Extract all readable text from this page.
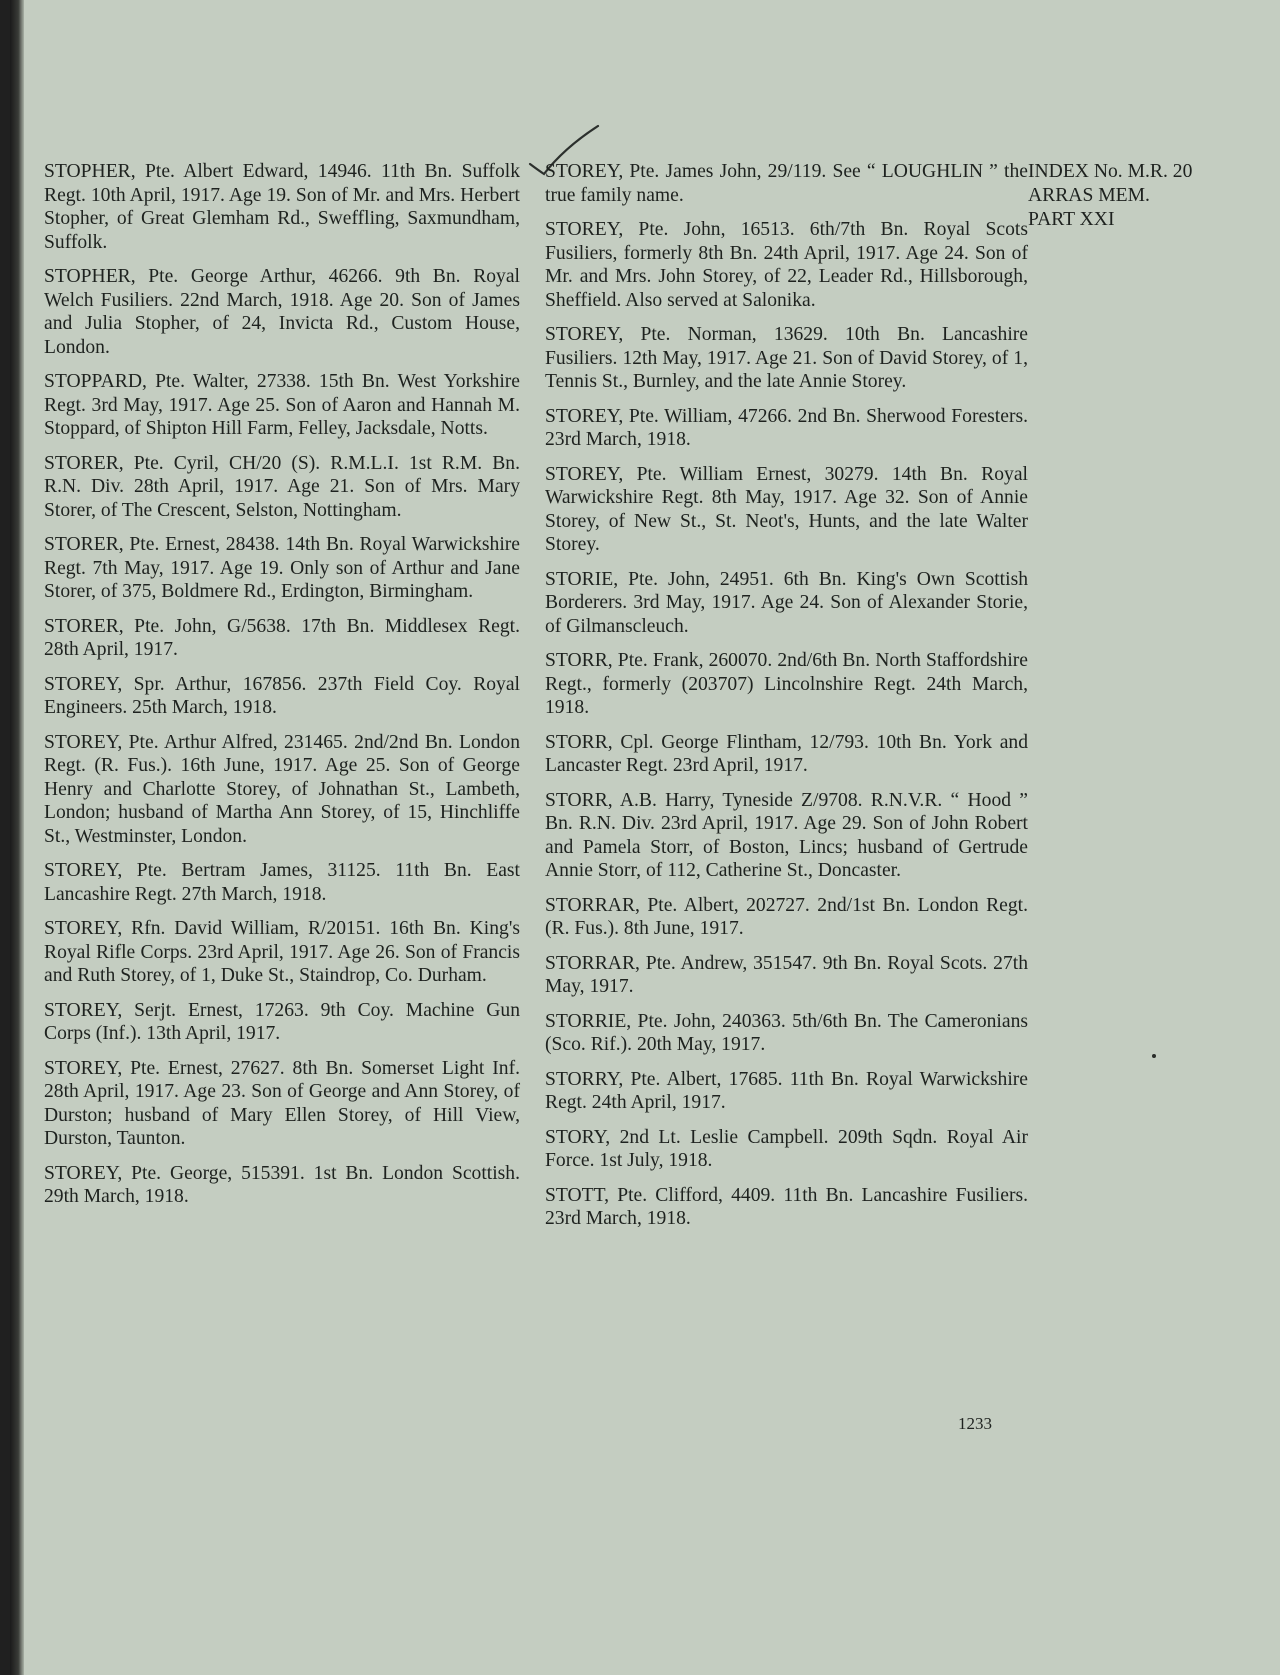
STOPHER, Pte. Albert Edward, 14946. 11th Bn. Suffolk Regt. 10th April, 1917. Age 19. Son of Mr. and Mrs. Herbert Stopher, of Great Glemham Rd., Sweffling, Saxmundham, Suffolk.

STOPHER, Pte. George Arthur, 46266. 9th Bn. Royal Welch Fusiliers. 22nd March, 1918. Age 20. Son of James and Julia Stopher, of 24, Invicta Rd., Custom House, London.

STOPPARD, Pte. Walter, 27338. 15th Bn. West Yorkshire Regt. 3rd May, 1917. Age 25. Son of Aaron and Hannah M. Stoppard, of Shipton Hill Farm, Felley, Jacksdale, Notts.

STORER, Pte. Cyril, CH/20 (S). R.M.L.I. 1st R.M. Bn. R.N. Div. 28th April, 1917. Age 21. Son of Mrs. Mary Storer, of The Crescent, Selston, Nottingham.

STORER, Pte. Ernest, 28438. 14th Bn. Royal Warwickshire Regt. 7th May, 1917. Age 19. Only son of Arthur and Jane Storer, of 375, Boldmere Rd., Erdington, Birmingham.

STORER, Pte. John, G/5638. 17th Bn. Middlesex Regt. 28th April, 1917.

STOREY, Spr. Arthur, 167856. 237th Field Coy. Royal Engineers. 25th March, 1918.

STOREY, Pte. Arthur Alfred, 231465. 2nd/2nd Bn. London Regt. (R. Fus.). 16th June, 1917. Age 25. Son of George Henry and Charlotte Storey, of Johnathan St., Lambeth, London; husband of Martha Ann Storey, of 15, Hinchliffe St., Westminster, London.

STOREY, Pte. Bertram James, 31125. 11th Bn. East Lancashire Regt. 27th March, 1918.

STOREY, Rfn. David William, R/20151. 16th Bn. King's Royal Rifle Corps. 23rd April, 1917. Age 26. Son of Francis and Ruth Storey, of 1, Duke St., Staindrop, Co. Durham.

STOREY, Serjt. Ernest, 17263. 9th Coy. Machine Gun Corps (Inf.). 13th April, 1917.

STOREY, Pte. Ernest, 27627. 8th Bn. Somerset Light Inf. 28th April, 1917. Age 23. Son of George and Ann Storey, of Durston; husband of Mary Ellen Storey, of Hill View, Durston, Taunton.

STOREY, Pte. George, 515391. 1st Bn. London Scottish. 29th March, 1918.

STOREY, Pte. James John, 29/119. See “ LOUGHLIN ” the true family name.

STOREY, Pte. John, 16513. 6th/7th Bn. Royal Scots Fusiliers, formerly 8th Bn. 24th April, 1917. Age 24. Son of Mr. and Mrs. John Storey, of 22, Leader Rd., Hillsborough, Sheffield. Also served at Salonika.

STOREY, Pte. Norman, 13629. 10th Bn. Lancashire Fusiliers. 12th May, 1917. Age 21. Son of David Storey, of 1, Tennis St., Burnley, and the late Annie Storey.

STOREY, Pte. William, 47266. 2nd Bn. Sherwood Foresters. 23rd March, 1918.

STOREY, Pte. William Ernest, 30279. 14th Bn. Royal Warwickshire Regt. 8th May, 1917. Age 32. Son of Annie Storey, of New St., St. Neot's, Hunts, and the late Walter Storey.

STORIE, Pte. John, 24951. 6th Bn. King's Own Scottish Borderers. 3rd May, 1917. Age 24. Son of Alexander Storie, of Gilmanscleuch.

STORR, Pte. Frank, 260070. 2nd/6th Bn. North Staffordshire Regt., formerly (203707) Lincolnshire Regt. 24th March, 1918.

STORR, Cpl. George Flintham, 12/793. 10th Bn. York and Lancaster Regt. 23rd April, 1917.

STORR, A.B. Harry, Tyneside Z/9708. R.N.V.R. “ Hood ” Bn. R.N. Div. 23rd April, 1917. Age 29. Son of John Robert and Pamela Storr, of Boston, Lincs; husband of Gertrude Annie Storr, of 112, Catherine St., Doncaster.

STORRAR, Pte. Albert, 202727. 2nd/1st Bn. London Regt. (R. Fus.). 8th June, 1917.

STORRAR, Pte. Andrew, 351547. 9th Bn. Royal Scots. 27th May, 1917.

STORRIE, Pte. John, 240363. 5th/6th Bn. The Cameronians (Sco. Rif.). 20th May, 1917.

STORRY, Pte. Albert, 17685. 11th Bn. Royal Warwickshire Regt. 24th April, 1917.

STORY, 2nd Lt. Leslie Campbell. 209th Sqdn. Royal Air Force. 1st July, 1918.

STOTT, Pte. Clifford, 4409. 11th Bn. Lancashire Fusiliers. 23rd March, 1918.

INDEX No. M.R. 20
ARRAS MEM.
PART XXI
1233
